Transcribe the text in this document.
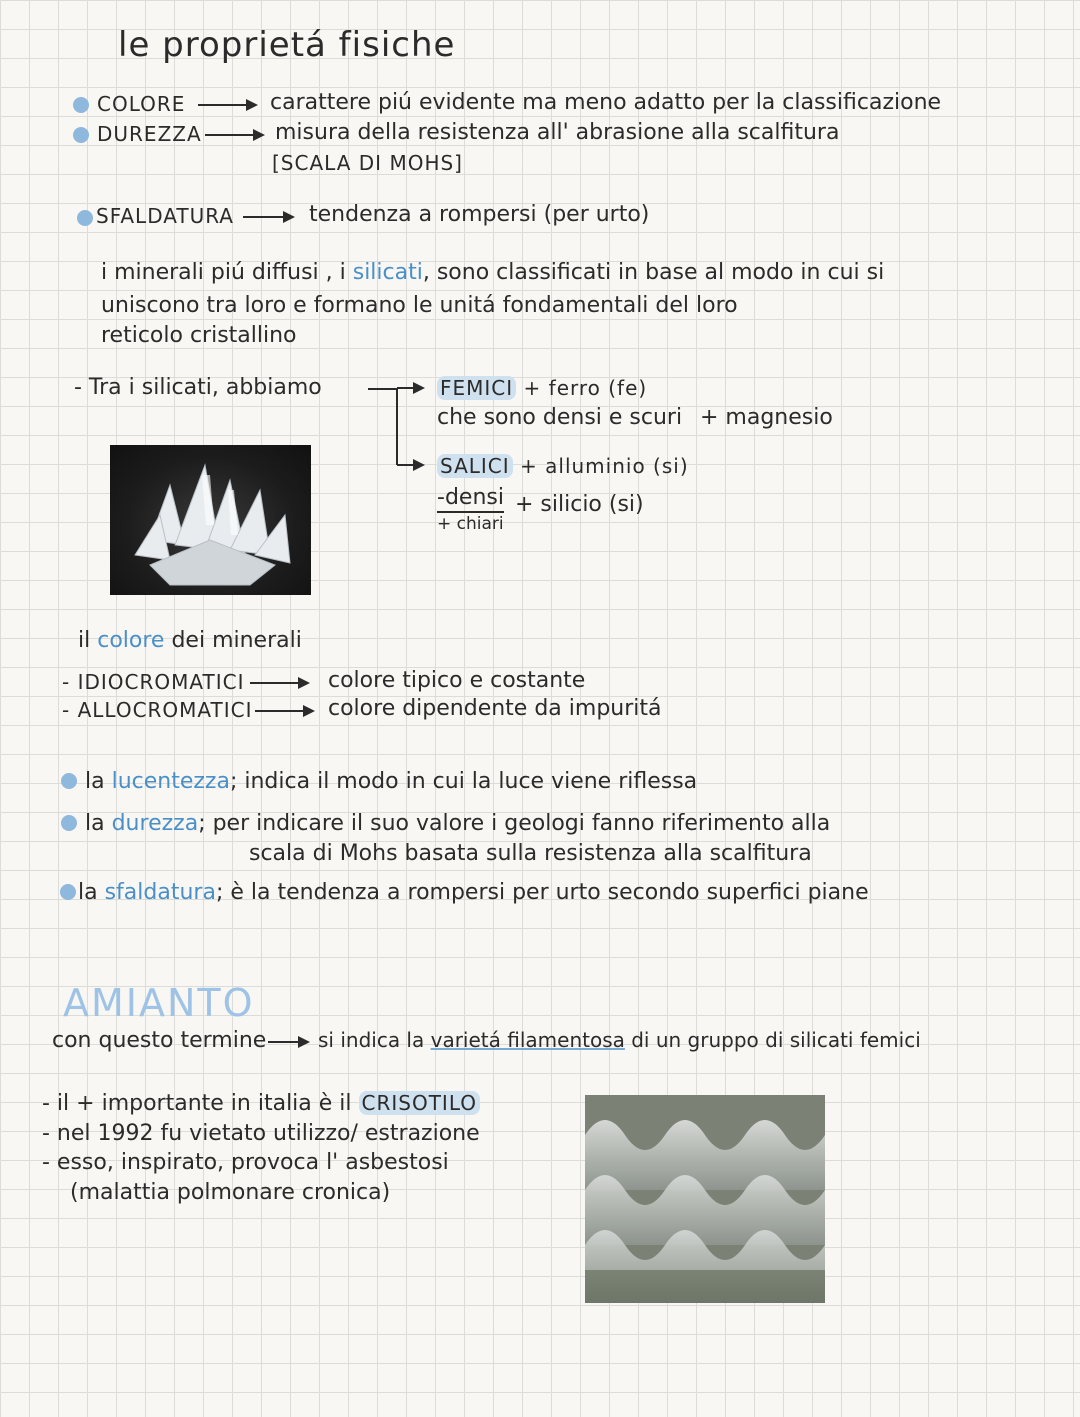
le proprietá fisiche
COLORE	carattere piú evidente ma meno adatto per la classificazione
DUREZZA	misura della resistenza all' abrasione alla scalfitura
[SCALA DI MOHS]
SFALDATURA	tendenza a rompersi (per urto)
i minerali piú diffusi , i silicati, sono classificati in base al modo in cui si
uniscono tra loro e formano le unitá fondamentali del loro
reticolo cristallino
- Tra i silicati, abbiamo	FEMICI + ferro (fe)
che sono densi e scuri + magnesio
SALICI + alluminio (si)
-densi + silicio (si)
+ chiari
il colore dei minerali
- IDIOCROMATICI	colore tipico e costante
- ALLOCROMATICI	colore dipendente da impuritá
la lucentezza; indica il modo in cui la luce viene riflessa
la durezza; per indicare il suo valore i geologi fanno riferimento alla
scala di Mohs basata sulla resistenza alla scalfitura
la sfaldatura; è la tendenza a rompersi per urto secondo superfici piane
AMIANTO
con questo termine	si indica la varietá filamentosa di un gruppo di silicati femici
- il + importante in italia è il CRISOTILO
- nel 1992 fu vietato utilizzo/ estrazione
- esso, inspirato, provoca l' asbestosi
(malattia polmonare cronica)
